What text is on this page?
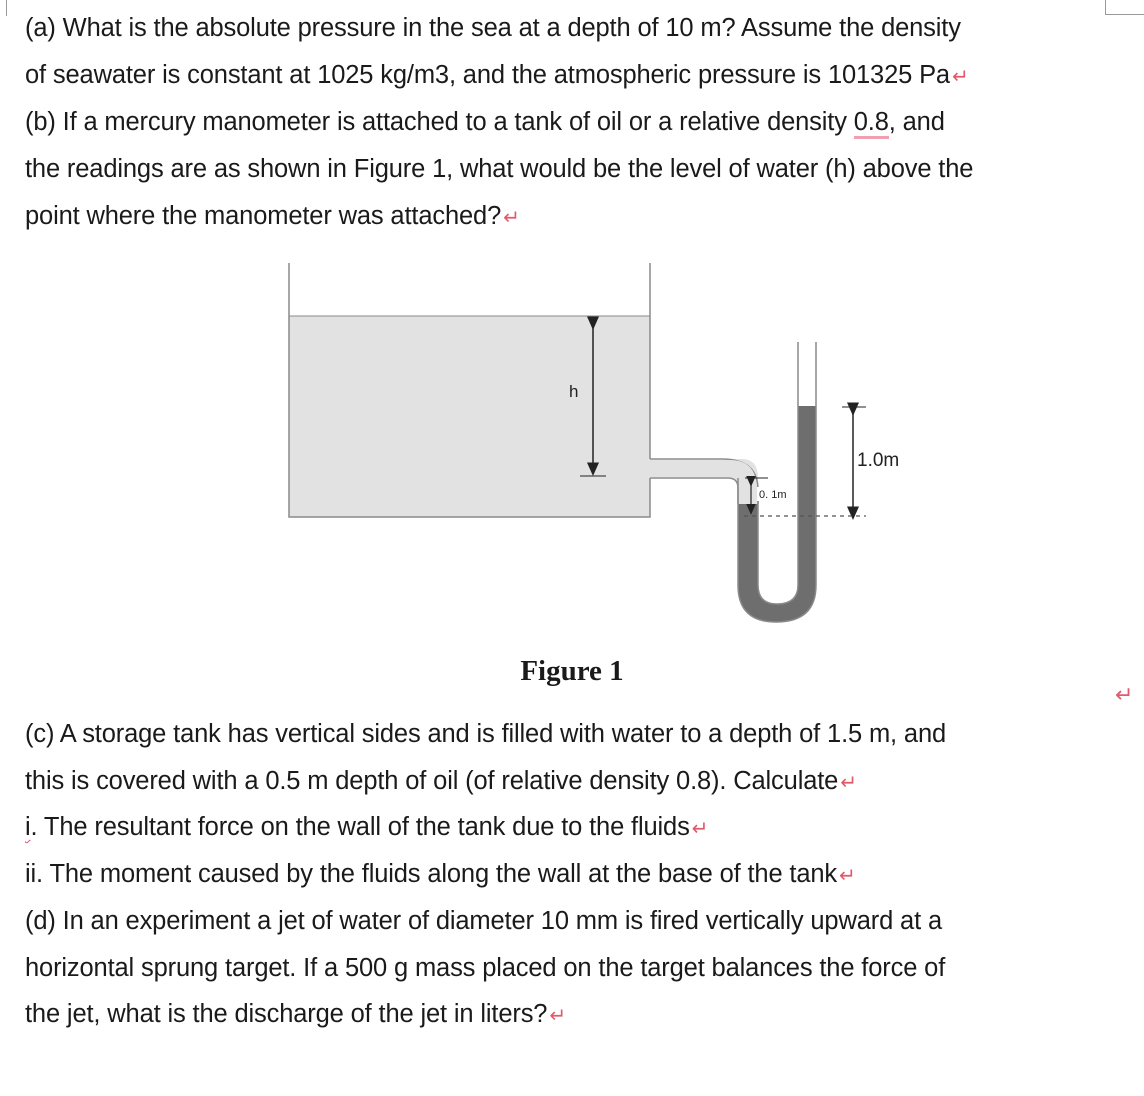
(a) What is the absolute pressure in the sea at a depth of 10 m? Assume the density
of seawater is constant at 1025 kg/m3, and the atmospheric pressure is 101325 Pa ↵
(b) If a mercury manometer is attached to a tank of oil or a relative density 0.8, and
the readings are as shown in Figure 1, what would be the level of water (h) above the
point where the manometer was attached? ↵
h
0. 1m
1.0m
Figure 1
↵
(c) A storage tank has vertical sides and is filled with water to a depth of 1.5 m, and
this is covered with a 0.5 m depth of oil (of relative density 0.8). Calculate ↵
i. The resultant force on the wall of the tank due to the fluids ↵
ii. The moment caused by the fluids along the wall at the base of the tank ↵
(d) In an experiment a jet of water of diameter 10 mm is fired vertically upward at a
horizontal sprung target. If a 500 g mass placed on the target balances the force of
the jet, what is the discharge of the jet in liters? ↵
